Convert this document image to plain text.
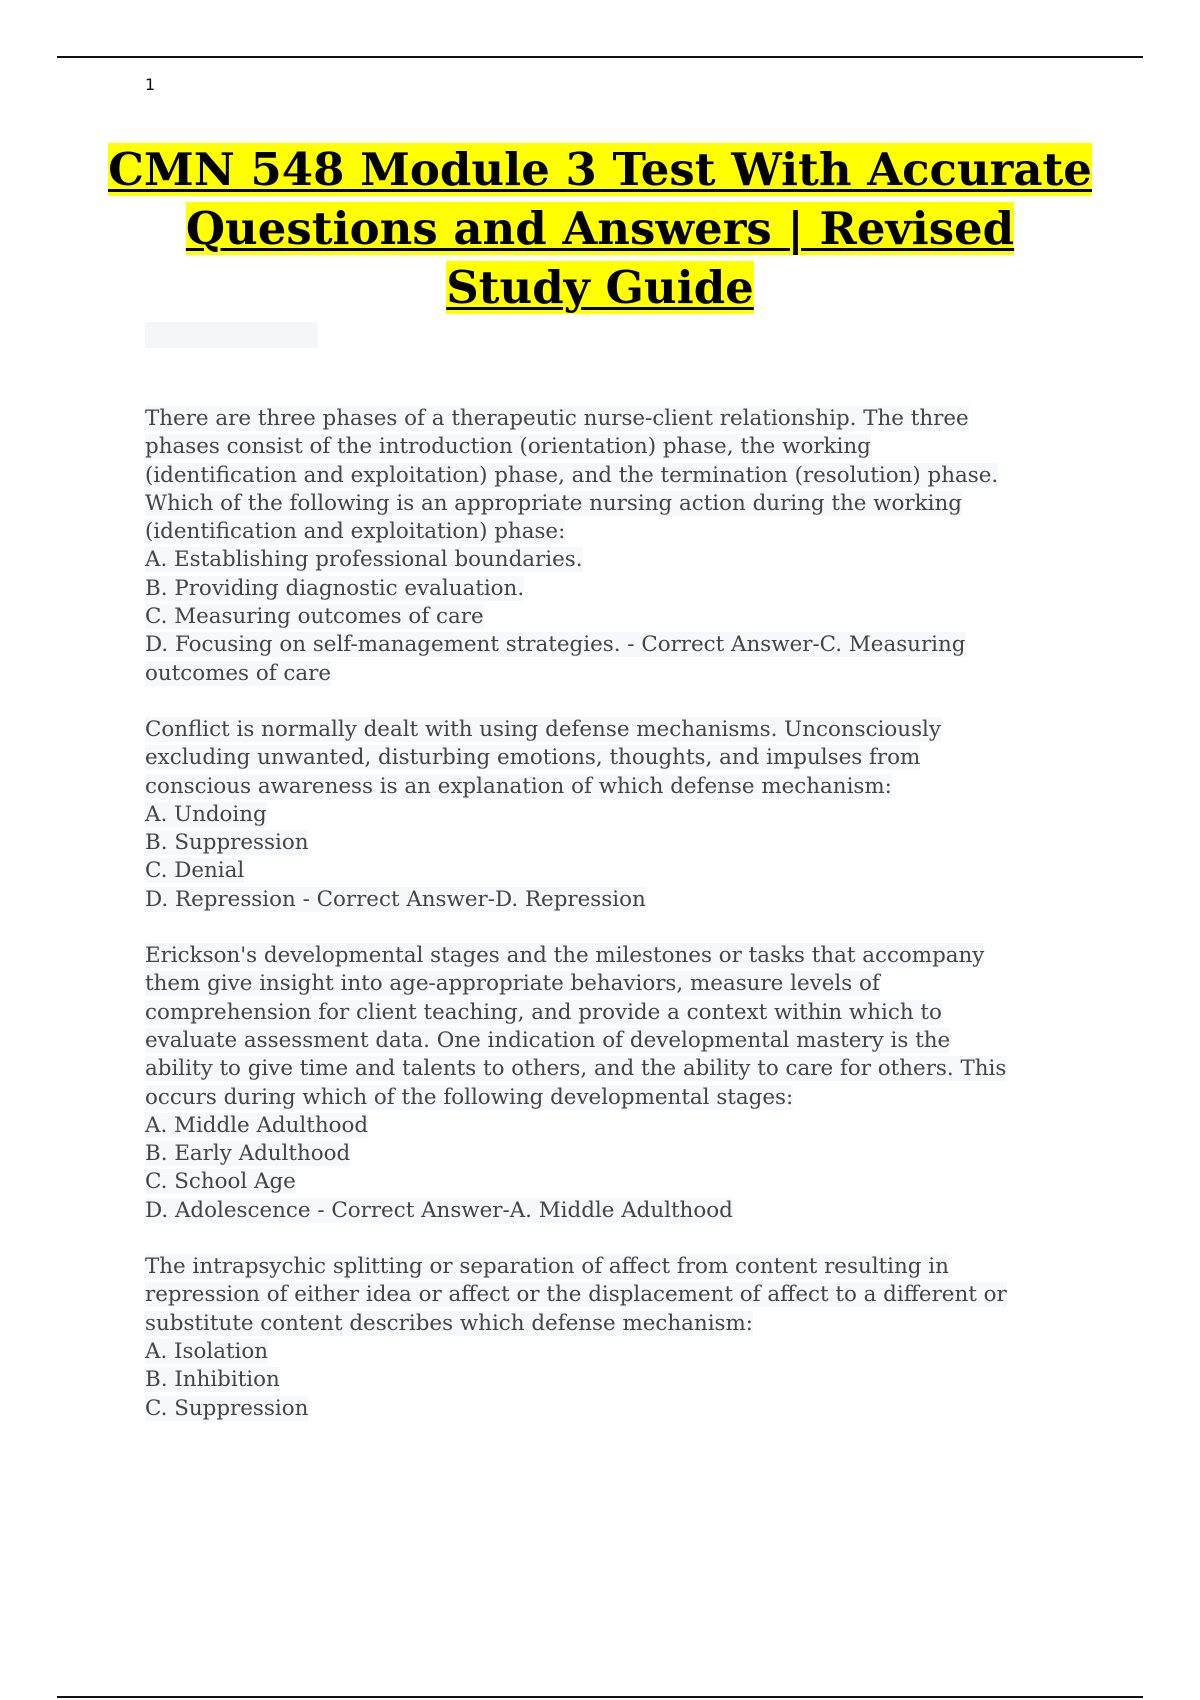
1
CMN 548 Module 3 Test With Accurate
Questions and Answers | Revised
Study Guide
There are three phases of a therapeutic nurse-client relationship. The three
phases consist of the introduction (orientation) phase, the working
(identification and exploitation) phase, and the termination (resolution) phase.
Which of the following is an appropriate nursing action during the working
(identification and exploitation) phase:
A. Establishing professional boundaries.
B. Providing diagnostic evaluation.
C. Measuring outcomes of care
D. Focusing on self-management strategies. - Correct Answer-C. Measuring
outcomes of care
Conflict is normally dealt with using defense mechanisms. Unconsciously
excluding unwanted, disturbing emotions, thoughts, and impulses from
conscious awareness is an explanation of which defense mechanism:
A. Undoing
B. Suppression
C. Denial
D. Repression - Correct Answer-D. Repression
Erickson's developmental stages and the milestones or tasks that accompany
them give insight into age-appropriate behaviors, measure levels of
comprehension for client teaching, and provide a context within which to
evaluate assessment data. One indication of developmental mastery is the
ability to give time and talents to others, and the ability to care for others. This
occurs during which of the following developmental stages:
A. Middle Adulthood
B. Early Adulthood
C. School Age
D. Adolescence - Correct Answer-A. Middle Adulthood
The intrapsychic splitting or separation of affect from content resulting in
repression of either idea or affect or the displacement of affect to a different or
substitute content describes which defense mechanism:
A. Isolation
B. Inhibition
C. Suppression
